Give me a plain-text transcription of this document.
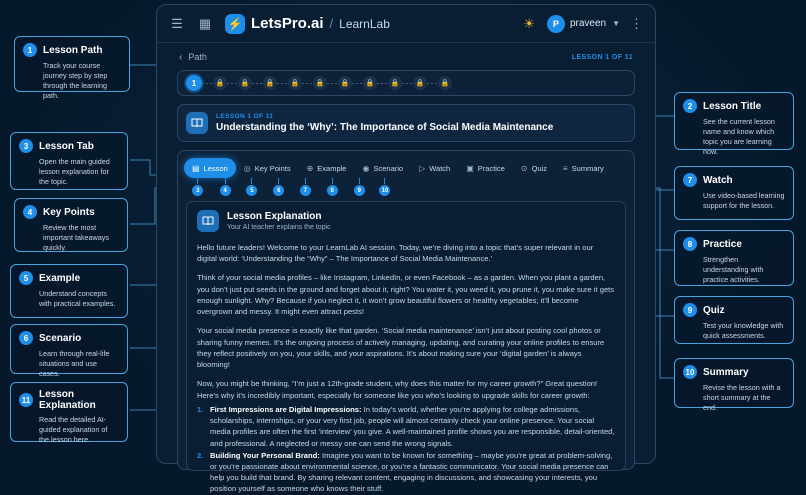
☰ ▦ ⚡ LetsPro.ai / LearnLab	☀	P	praveen ▼ ⋮
‹ Path	LESSON 1 OF 11
1	🔒	🔒	🔒	🔒	🔒	🔒	🔒	🔒	🔒	🔒
LESSON 1 OF 11
Understanding the ‘Why’: The Importance of Social Media Maintenance
▤ Lesson ◎ Key Points ⊕ Example ◉ Scenario ▷ Watch ▣ Practice ⊙ Quiz ≡ Summary
3	4	5	6	7	8	9	10
Lesson Explanation
Your AI teacher explains the topic

Hello future leaders! Welcome to your LearnLab AI session. Today, we’re diving into a topic that’s super relevant in our digital world: ‘Understanding the “Why” – The Importance of Social Media Maintenance.’

Think of your social media profiles – like Instagram, LinkedIn, or even Facebook – as a garden. When you plant a garden, you don’t just put seeds in the ground and forget about it, right? You water it, you weed it, you prune it, you make sure it gets enough sunlight. Why? Because if you neglect it, it won’t grow beautiful flowers or healthy vegetables; it’ll become overgrown and messy. It might even attract pests!

Your social media presence is exactly like that garden. ‘Social media maintenance’ isn’t just about posting cool photos or sharing funny memes. It’s the ongoing process of actively managing, updating, and curating your online profiles to ensure they reflect positively on you, your skills, and your aspirations. It’s about making sure your ‘digital garden’ is always blooming!

Now, you might be thinking, “I’m just a 12th-grade student, why does this matter for my career growth?” Great question! Here’s why it’s incredibly important, especially for someone like you who’s looking to upgrade skills for career growth:

1. First Impressions are Digital Impressions: In today’s world, whether you’re applying for college admissions, scholarships, internships, or your very first job, people will almost certainly check your online presence. Your social media profiles are often the first ‘interview’ you give. A well-maintained profile shows you are responsible, detail-oriented, and professional. A neglected or messy one can send the wrong signals.
2. Building Your Personal Brand: Imagine you want to be known for something – maybe you’re great at problem-solving, or you’re passionate about environmental science, or you’re a fantastic communicator. Your social media presence can help you build that brand. By sharing relevant content, engaging in discussions, and showcasing your interests, you position yourself as someone who knows their stuff.
1	Lesson Path
Track your course journey step by step through the learning path.
3	Lesson Tab
Open the main guided lesson explanation for the topic.
4	Key Points
Review the most important takeaways quickly.
5	Example
Understand concepts with practical examples.
6	Scenario
Learn through real-life situations and use cases.
11 Lesson Explanation
Read the detailed AI-guided explanation of the lesson here.
2	Lesson Title
See the current lesson name and know which topic you are learning now.
7	Watch
Use video-based learning support for the lesson.
8	Practice
Strengthen understanding with practice activities.
9	Quiz
Test your knowledge with quick assessments.
10 Summary
Revise the lesson with a short summary at the end.
